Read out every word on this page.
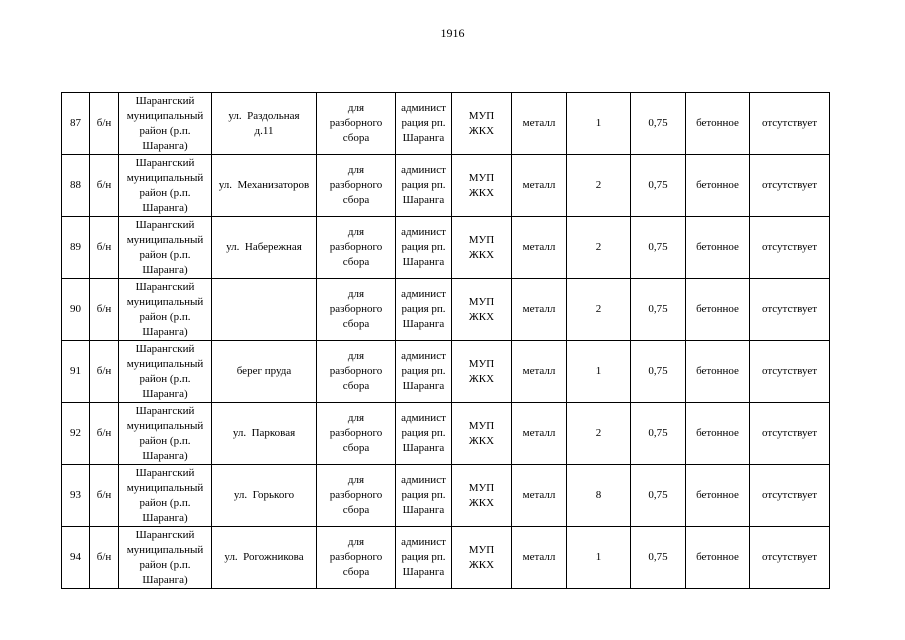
1916
87	б/н	Шарангский
муниципальный
район (р.п.
Шаранга)	ул.  Раздольная
д.11	для
разборного
сбора	админист
рация рп.
Шаранга	МУП
ЖКХ	металл	1	0,75	бетонное	отсутствует
88	б/н	Шарангский
муниципальный
район (р.п.
Шаранга)	ул.  Механизаторов	для
разборного
сбора	админист
рация рп.
Шаранга	МУП
ЖКХ	металл	2	0,75	бетонное	отсутствует
89	б/н	Шарангский
муниципальный
район (р.п.
Шаранга)	ул.  Набережная	для
разборного
сбора	админист
рация рп.
Шаранга	МУП
ЖКХ	металл	2	0,75	бетонное	отсутствует
90	б/н	Шарангский
муниципальный
район (р.п.
Шаранга)		для
разборного
сбора	админист
рация рп.
Шаранга	МУП
ЖКХ	металл	2	0,75	бетонное	отсутствует
91	б/н	Шарангский
муниципальный
район (р.п.
Шаранга)	берег пруда	для
разборного
сбора	админист
рация рп.
Шаранга	МУП
ЖКХ	металл	1	0,75	бетонное	отсутствует
92	б/н	Шарангский
муниципальный
район (р.п.
Шаранга)	ул.  Парковая	для
разборного
сбора	админист
рация рп.
Шаранга	МУП
ЖКХ	металл	2	0,75	бетонное	отсутствует
93	б/н	Шарангский
муниципальный
район (р.п.
Шаранга)	ул.  Горького	для
разборного
сбора	админист
рация рп.
Шаранга	МУП
ЖКХ	металл	8	0,75	бетонное	отсутствует
94	б/н	Шарангский
муниципальный
район (р.п.
Шаранга)	ул.  Рогожникова	для
разборного
сбора	админист
рация рп.
Шаранга	МУП
ЖКХ	металл	1	0,75	бетонное	отсутствует
